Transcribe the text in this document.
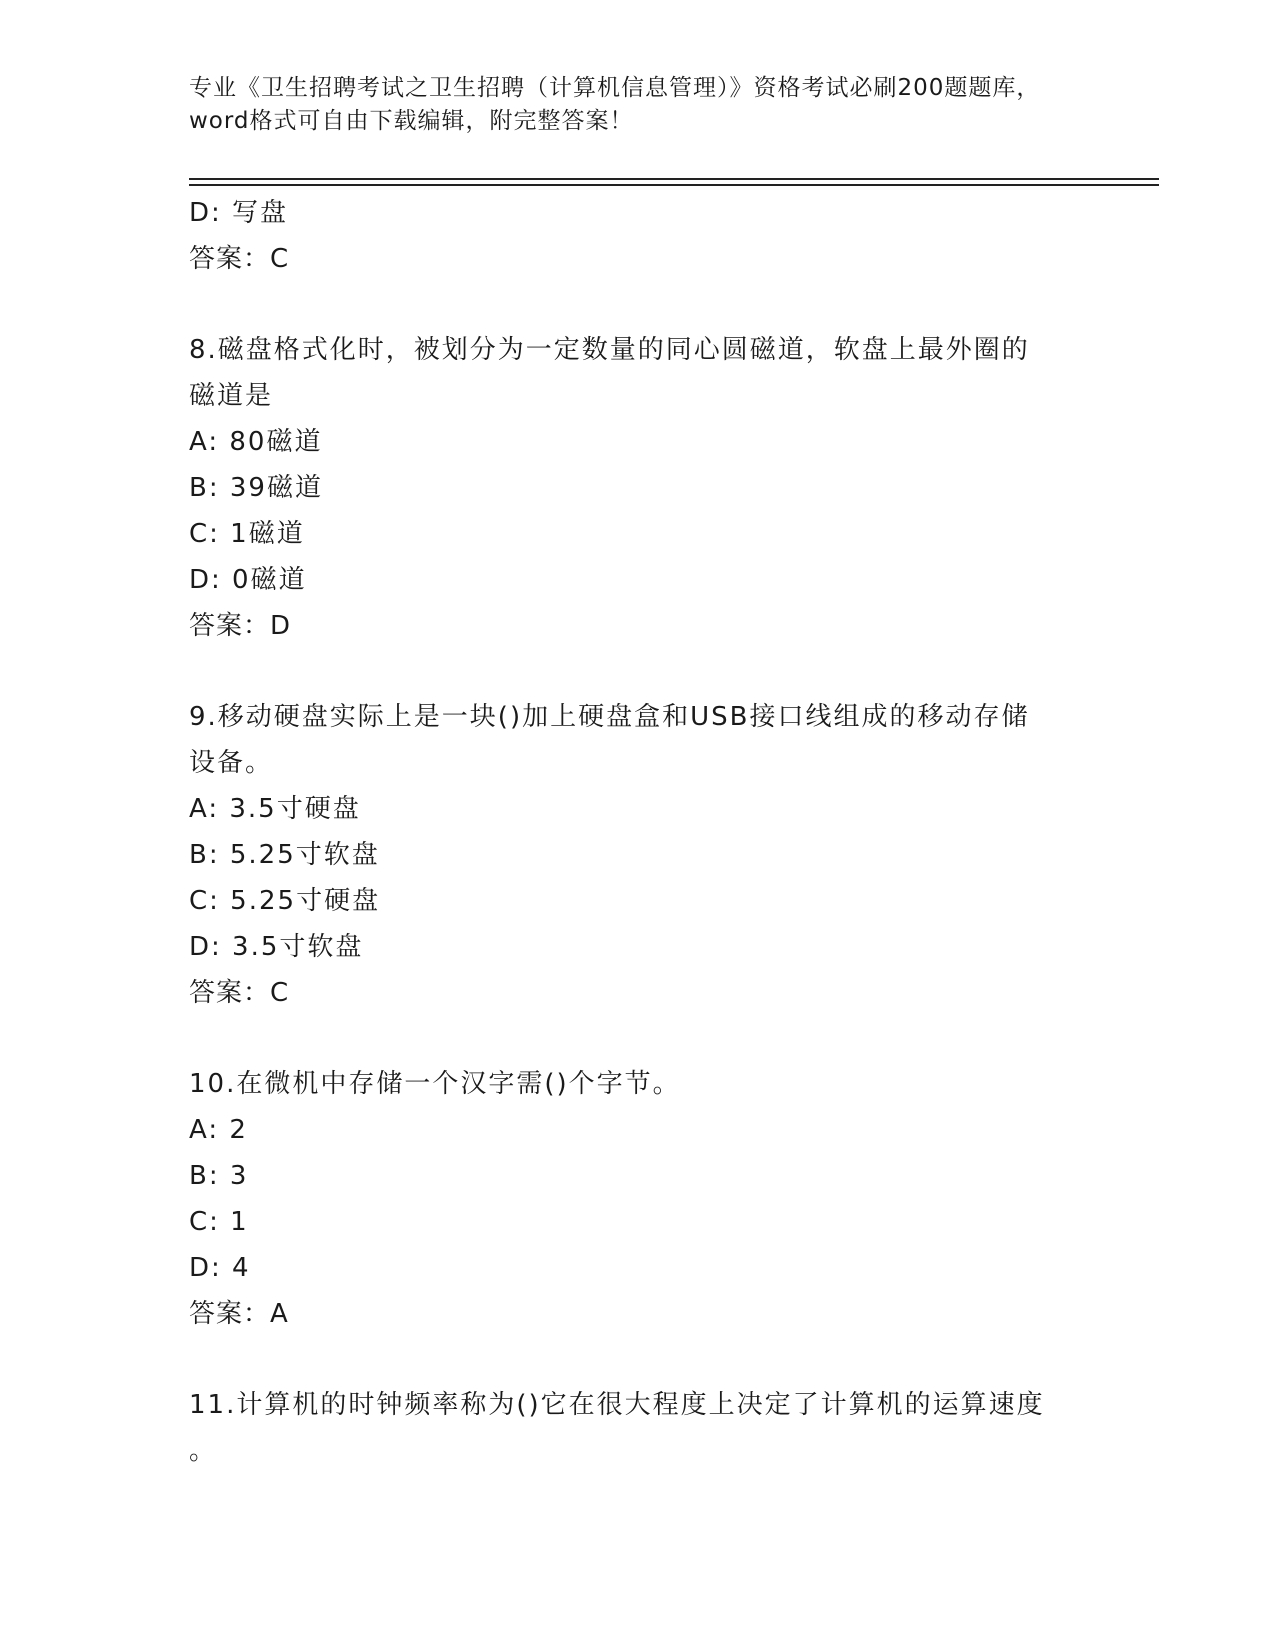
专业《卫生招聘考试之卫生招聘（计算机信息管理）》资格考试必刷200题题库，
word格式可自由下载编辑，附完整答案！
D: 写盘
答案：C
8.磁盘格式化时，被划分为一定数量的同心圆磁道，软盘上最外圈的
磁道是
A: 80磁道
B: 39磁道
C: 1磁道
D: 0磁道
答案：D
9.移动硬盘实际上是一块()加上硬盘盒和USB接口线组成的移动存储
设备。
A: 3.5寸硬盘
B: 5.25寸软盘
C: 5.25寸硬盘
D: 3.5寸软盘
答案：C
10.在微机中存储一个汉字需()个字节。
A: 2
B: 3
C: 1
D: 4
答案：A
11.计算机的时钟频率称为()它在很大程度上决定了计算机的运算速度
。
